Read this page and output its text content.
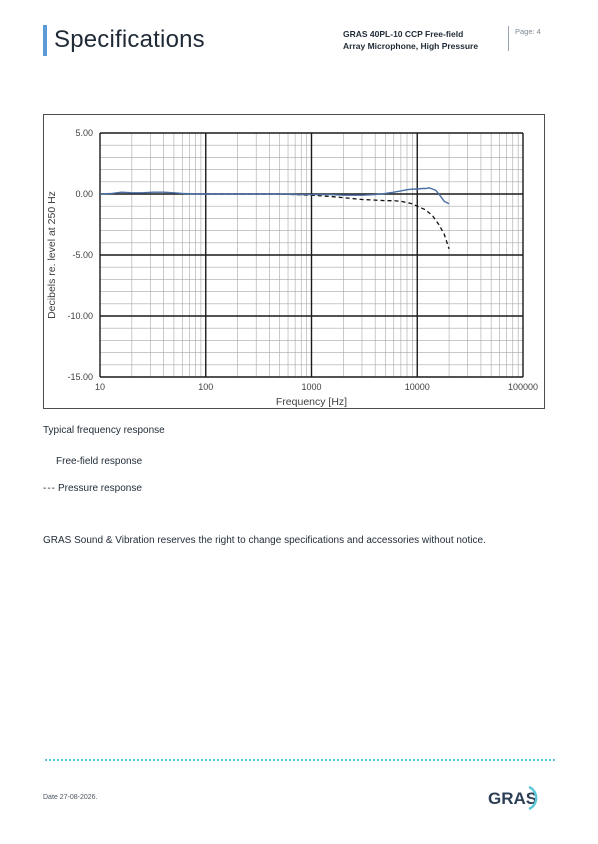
Specifications	GRAS 40PL-10 CCP Free-field
Array Microphone, High Pressure
Page: 4
5.00
0.00
-5.00
-10.00
-15.00
10	100	1000	10000	100000
Frequency [Hz]
Decibels re. level at 250 Hz
Typical frequency response
Free-field response
--- Pressure response
GRAS Sound & Vibration reserves the right to change specifications and accessories without notice.
Date 27-08-2026.	GRAS
